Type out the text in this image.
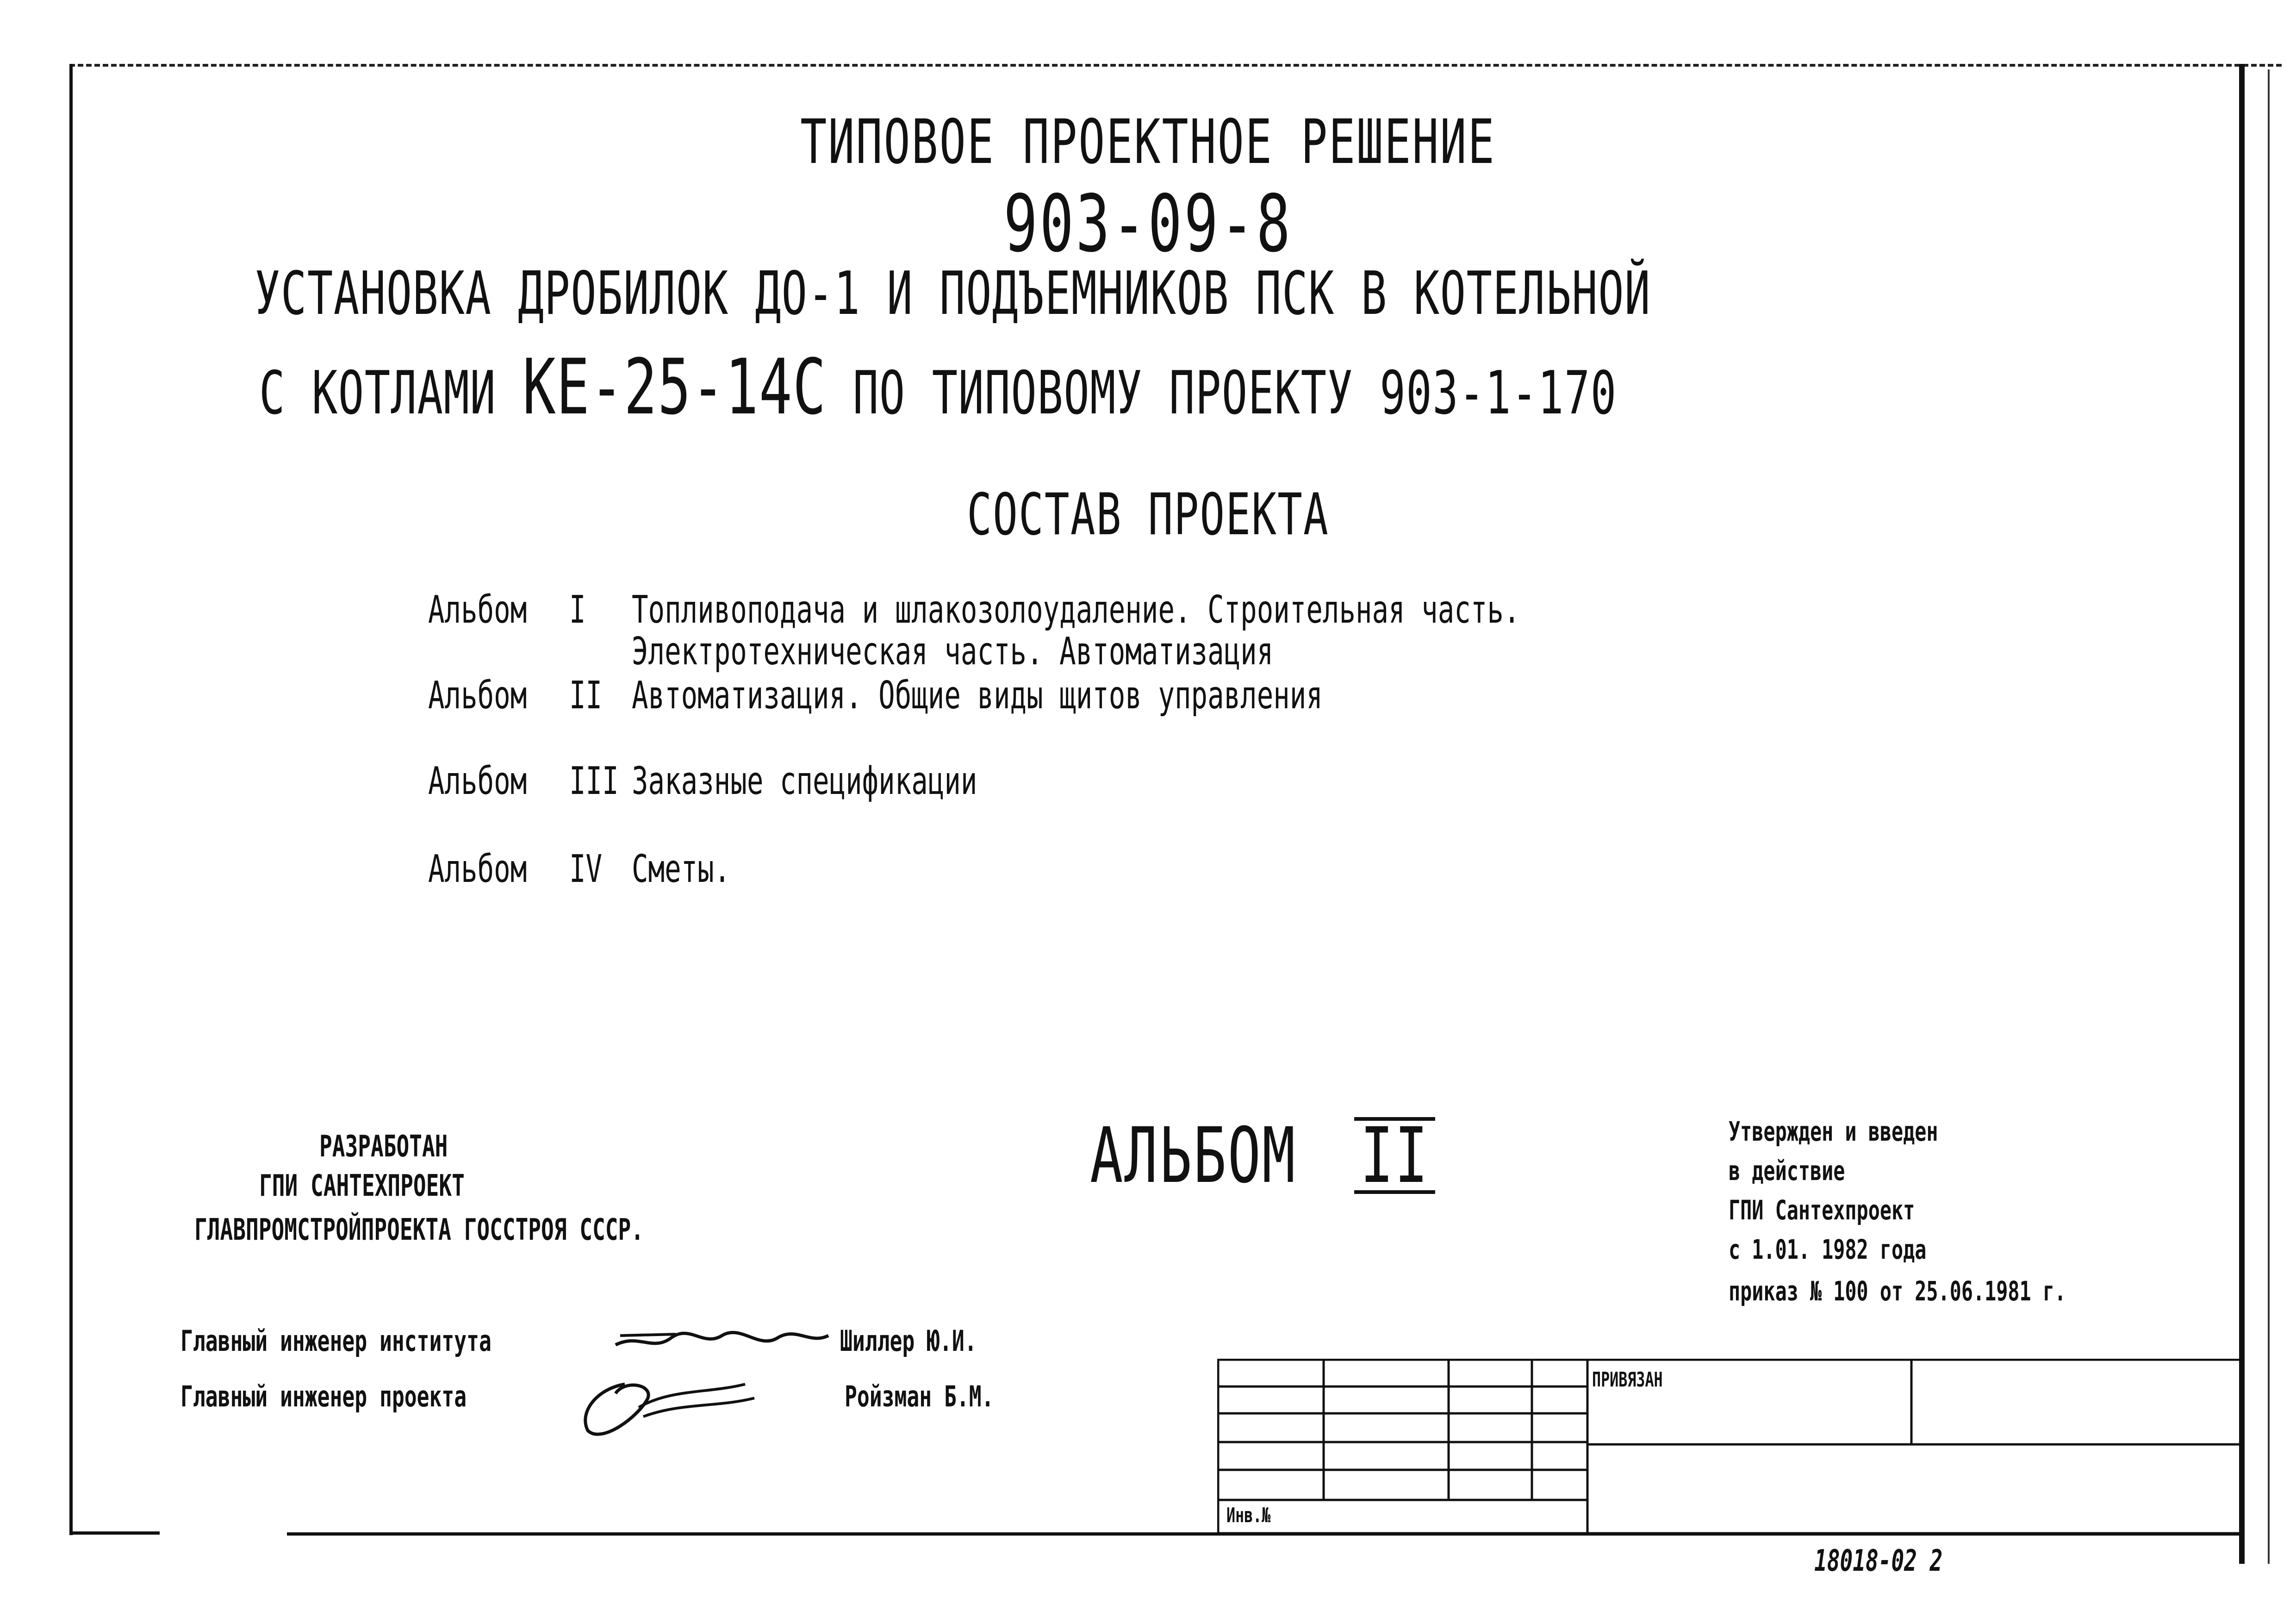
ТИПОВОЕ ПРОЕКТНОЕ РЕШЕНИЕ
903-09-8
УСТАНОВКА ДРОБИЛОК ДО-1 И ПОДЪЕМНИКОВ ПСК В КОТЕЛЬНОЙ
С КОТЛАМИ КЕ-25-14С ПО ТИПОВОМУ ПРОЕКТУ 903-1-170
СОСТАВ ПРОЕКТА
Альбом	I Топливоподача и шлакозолоудаление. Строительная часть.
Электротехническая часть. Автоматизация
Альбом	II Автоматизация. Общие виды щитов управления
Альбом	III Заказные спецификации
Альбом	IV Сметы.
РАЗРАБОТАН
ГПИ САНТЕХПРОЕКТ
ГЛАВПРОМСТРОЙПРОЕКТА ГОССТРОЯ СССР.
АЛЬБОМ II	Утвержден и введен
в действие
ГПИ Сантехпроект
с 1.01. 1982 года
приказ № 100 от 25.06.1981 г.
Главный инженер института	Шиллер Ю.И.
Главный инженер проекта	Ройзман Б.М.	ПРИВЯЗАН
Инв.№
18018-02 2
